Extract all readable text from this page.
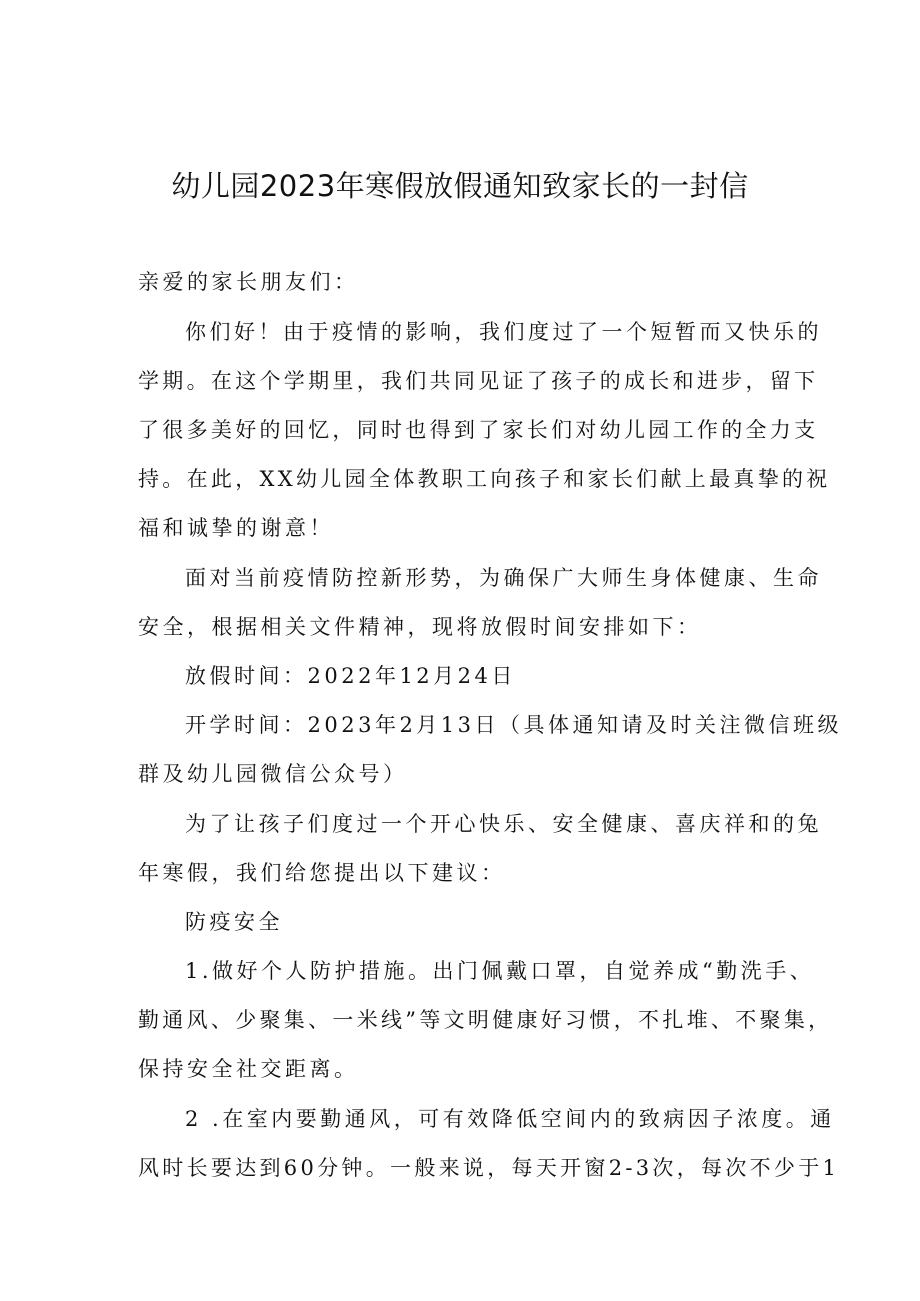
幼儿园2023年寒假放假通知致家长的一封信
亲爱的家长朋友们：
你们好！由于疫情的影响，我们度过了一个短暂而又快乐的
学期。在这个学期里，我们共同见证了孩子的成长和进步，留下
了很多美好的回忆，同时也得到了家长们对幼儿园工作的全力支
持。在此，XX幼儿园全体教职工向孩子和家长们献上最真挚的祝
福和诚挚的谢意！
面对当前疫情防控新形势，为确保广大师生身体健康、生命
安全，根据相关文件精神，现将放假时间安排如下：
放假时间：2022年12月24日
开学时间：2023年2月13日（具体通知请及时关注微信班级
群及幼儿园微信公众号）
为了让孩子们度过一个开心快乐、安全健康、喜庆祥和的兔
年寒假，我们给您提出以下建议：
防疫安全
1.做好个人防护措施。出门佩戴口罩，自觉养成“勤洗手、
勤通风、少聚集、一米线”等文明健康好习惯，不扎堆、不聚集，
保持安全社交距离。
2 .在室内要勤通风，可有效降低空间内的致病因子浓度。通
风时长要达到60分钟。一般来说，每天开窗2-3次，每次不少于1
